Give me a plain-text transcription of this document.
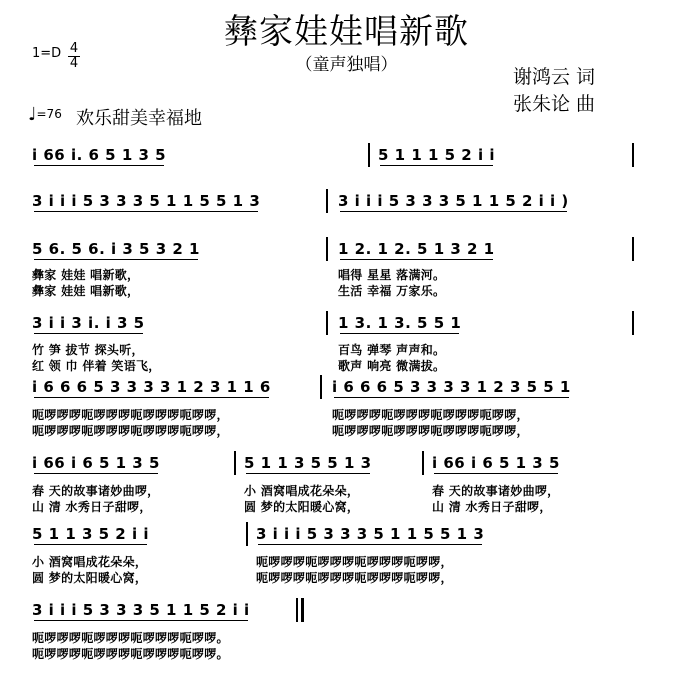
彝家娃娃唱新歌
（童声独唱）
$1=D \frac{4}{4}$
谢鸿云 词
张朱论 曲
♩=76 欢乐甜美幸福地
i 66 i. 6 5 1 3 5	5 1 1 1 5 2 i i
3 i i i 5 3 3 3 5 1 1 5 5 1 3	3 i i i 5 3 3 3 5 1 1 5 2 i i )
5 6. 5 6. i 3 5 3 2 1	1 2. 1 2. 5 1 3 2 1
彝家 娃娃 唱新歌，	唱得 星星 落满河。
彝家 娃娃 唱新歌，	生活 幸福 万家乐。
3 i i 3 i. i 3 5	1 3. 1 3. 5 5 1
竹 笋 拔节 探头听，	百鸟 弹琴 声声和。
红 领 巾 伴着 笑语飞，	歌声 响亮 微满拔。
i 6 6 6 5 3 3 3 3 1 2 3 1 1 6	i 6 6 6 5 3 3 3 3 1 2 3 5 5 1
呃啰啰啰呃啰啰啰呃啰啰啰呃啰啰，	呃啰啰啰呃啰啰啰呃啰啰啰呃啰啰，
呃啰啰啰呃啰啰啰呃啰啰啰呃啰啰，	呃啰啰啰呃啰啰啰呃啰啰啰呃啰啰，
i 66 i 6 5 1 3 5	5 1 1 3 5 5 1 3	i 66 i 6 5 1 3 5
春 天的故事诸妙曲啰，	小 酒窝唱成花朵朵，	春 天的故事诸妙曲啰，
山 清 水秀日子甜啰，	圆 梦的太阳暖心窝，	山 清 水秀日子甜啰，
5 1 1 3 5 2 i i	3 i i i 5 3 3 3 5 1 1 5 5 1 3
小 酒窝唱成花朵朵，	呃啰啰啰呃啰啰啰呃啰啰啰呃啰啰，
圆 梦的太阳暖心窝，	呃啰啰啰呃啰啰啰呃啰啰啰呃啰啰，
3 i i i 5 3 3 3 5 1 1 5 2 i i
呃啰啰啰呃啰啰啰呃啰啰啰呃啰啰。
呃啰啰啰呃啰啰啰呃啰啰啰呃啰啰。
